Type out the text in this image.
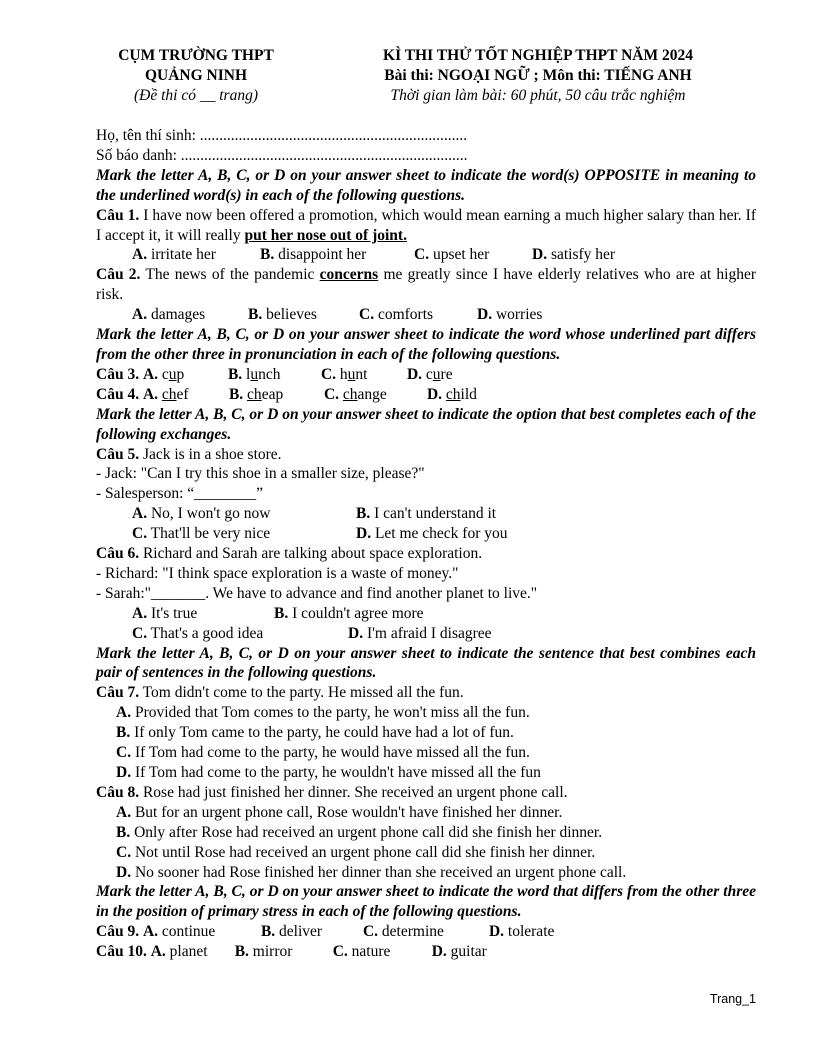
CỤM TRƯỜNG THPT
QUẢNG NINH
(Đề thi có __ trang)
KÌ THI THỬ TỐT NGHIỆP THPT NĂM 2024
Bài thi: NGOẠI NGỮ ; Môn thi: TIẾNG ANH
Thời gian làm bài: 60 phút, 50 câu trắc nghiệm
Họ, tên thí sinh: .....................................................................
Số báo danh: ..........................................................................
Mark the letter A, B, C, or D on your answer sheet to indicate the word(s) OPPOSITE in meaning to the underlined word(s) in each of the following questions.
Câu 1. I have now been offered a promotion, which would mean earning a much higher salary than her. If I accept it, it will really put her nose out of joint.
A. irritate her	B. disappoint her	C. upset her	D. satisfy her
Câu 2. The news of the pandemic concerns me greatly since I have elderly relatives who are at higher risk.
A. damages	B. believes	C. comforts	D. worries
Mark the letter A, B, C, or D on your answer sheet to indicate the word whose underlined part differs from the other three in pronunciation in each of the following questions.
Câu 3. A. cup	B. lunch	C. hunt	D. cure
Câu 4. A. chef	B. cheap	C. change	D. child
Mark the letter A, B, C, or D on your answer sheet to indicate the option that best completes each of the following exchanges.
Câu 5. Jack is in a shoe store.
- Jack: "Can I try this shoe in a smaller size, please?"
- Salesperson: “________”
A. No, I won't go now	B. I can't understand it
C. That'll be very nice	D. Let me check for you
Câu 6. Richard and Sarah are talking about space exploration.
- Richard: "I think space exploration is a waste of money."
- Sarah:"_______. We have to advance and find another planet to live."
A. It's true	B. I couldn't agree more
C. That's a good idea	D. I'm afraid I disagree
Mark the letter A, B, C, or D on your answer sheet to indicate the sentence that best combines each pair of sentences in the following questions.
Câu 7. Tom didn't come to the party. He missed all the fun.
A. Provided that Tom comes to the party, he won't miss all the fun.
B. If only Tom came to the party, he could have had a lot of fun.
C. If Tom had come to the party, he would have missed all the fun.
D. If Tom had come to the party, he wouldn't have missed all the fun
Câu 8. Rose had just finished her dinner. She received an urgent phone call.
A. But for an urgent phone call, Rose wouldn't have finished her dinner.
B. Only after Rose had received an urgent phone call did she finish her dinner.
C. Not until Rose had received an urgent phone call did she finish her dinner.
D. No sooner had Rose finished her dinner than she received an urgent phone call.
Mark the letter A, B, C, or D on your answer sheet to indicate the word that differs from the other three in the position of primary stress in each of the following questions.
Câu 9. A. continue	B. deliver	C. determine	D. tolerate
Câu 10. A. planet B. mirror	C. nature	D. guitar
Trang_1
